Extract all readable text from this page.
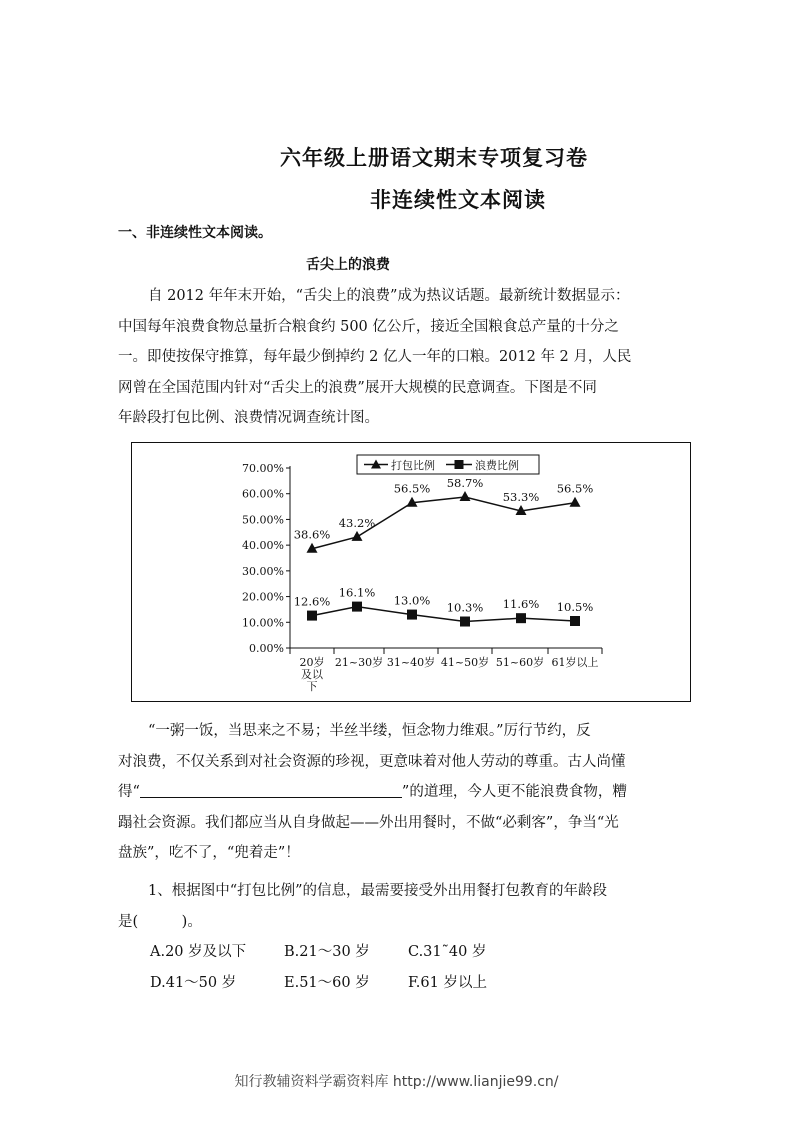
六年级上册语文期末专项复习卷
非连续性文本阅读
一、非连续性文本阅读。
舌尖上的浪费

自 2012 年年末开始，“舌尖上的浪费”成为热议话题。最新统计数据显示：

中国每年浪费食物总量折合粮食约 500 亿公斤，接近全国粮食总产量的十分之

一。即使按保守推算，每年最少倒掉约 2 亿人一年的口粮。2012 年 2 月，人民

网曾在全国范围内针对“舌尖上的浪费”展开大规模的民意调查。下图是不同

年龄段打包比例、浪费情况调查统计图。

0.00%
10.00%
20.00%
30.00%
40.00%
50.00%
60.00%
70.00%
20岁
及以
下
21~30岁 31~40岁 41~50岁 51~60岁 61岁以上
打包比例	浪费比例
38.6%
43.2%
56.5% 58.7%
53.3%
56.5%
12.6%
16.1%
13.0% 10.3% 11.6% 10.5%

“一粥一饭，当思来之不易；半丝半缕，恒念物力维艰。”厉行节约，反

对浪费，不仅关系到对社会资源的珍视，更意味着对他人劳动的尊重。古人尚懂

得“	”的道理，今人更不能浪费食物，糟

蹋社会资源。我们都应当从自身做起——外出用餐时，不做“必剩客”，争当“光

盘族”，吃不了，“兜着走”！

1、根据图中“打包比例”的信息，最需要接受外出用餐打包教育的年龄段

是(　　　)。

A.20 岁及以下	B.21～30 岁	C.31˜40 岁
D.41～50 岁	E.51～60 岁	F.61 岁以上
知行教辅资料学霸资料库 http://www.lianjie99.cn/
